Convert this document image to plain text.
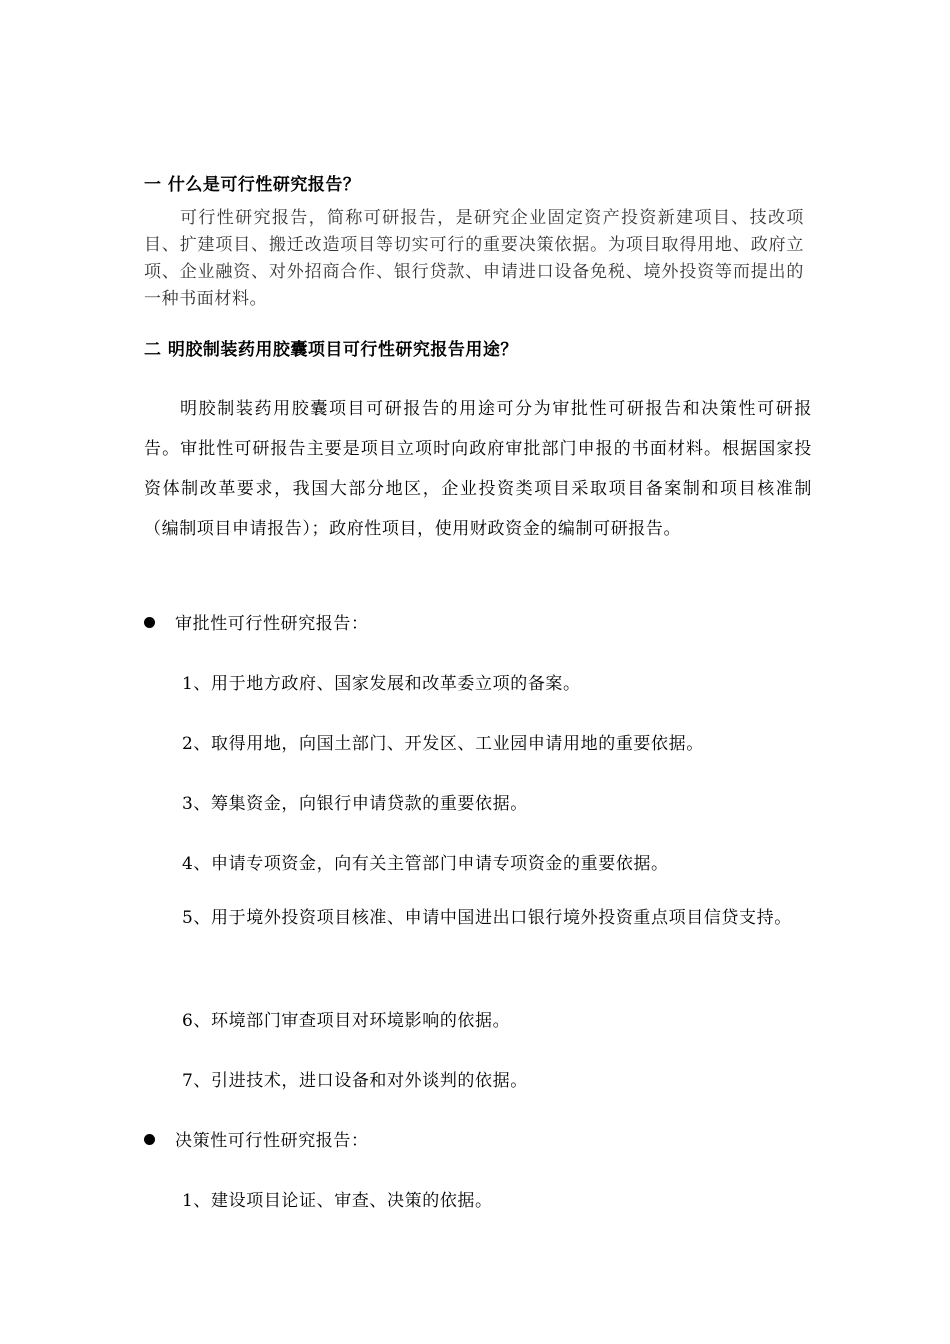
一 什么是可行性研究报告？
可行性研究报告，简称可研报告，是研究企业固定资产投资新建项目、技改项目、扩建项目、搬迁改造项目等切实可行的重要决策依据。为项目取得用地、政府立项、企业融资、对外招商合作、银行贷款、申请进口设备免税、境外投资等而提出的一种书面材料。
二 明胶制装药用胶囊项目可行性研究报告用途？
明胶制装药用胶囊项目可研报告的用途可分为审批性可研报告和决策性可研报告。审批性可研报告主要是项目立项时向政府审批部门申报的书面材料。根据国家投资体制改革要求，我国大部分地区，企业投资类项目采取项目备案制和项目核准制（编制项目申请报告）；政府性项目，使用财政资金的编制可研报告。
审批性可行性研究报告：
1、用于地方政府、国家发展和改革委立项的备案。
2、取得用地，向国土部门、开发区、工业园申请用地的重要依据。
3、筹集资金，向银行申请贷款的重要依据。
4、申请专项资金，向有关主管部门申请专项资金的重要依据。
5、用于境外投资项目核准、申请中国进出口银行境外投资重点项目信贷支持。
6、环境部门审查项目对环境影响的依据。
7、引进技术，进口设备和对外谈判的依据。
决策性可行性研究报告：
1、建设项目论证、审查、决策的依据。
